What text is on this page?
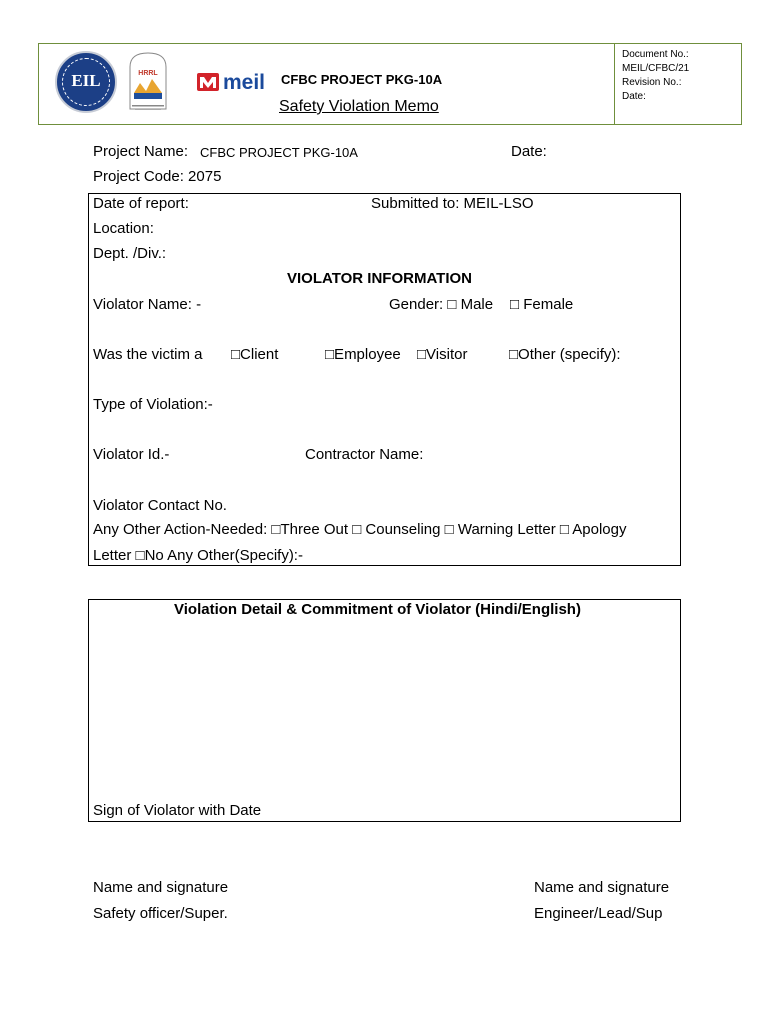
EIL	HRRL	meil CFBC PROJECT PKG-10A
Safety Violation Memo
Document No.:
MEIL/CFBC/21
Revision No.:
Date:
Project Name: CFBC PROJECT PKG-10A	Date:
Project Code: 2075
Date of report:	Submitted to: MEIL-LSO
Location:
Dept. /Div.:
VIOLATOR INFORMATION
Violator Name: -	Gender: □ Male □ Female
Was the victim a □Client	□Employee □Visitor	□Other (specify):
Type of Violation:-
Violator Id.-	Contractor Name:
Violator Contact No.
Any Other Action-Needed: □Three Out □ Counseling □ Warning Letter □ Apology
Letter □No Any Other(Specify):-
Violation Detail & Commitment of Violator (Hindi/English)
Sign of Violator with Date
Name and signature
Safety officer/Super.
Name and signature
Engineer/Lead/Sup
